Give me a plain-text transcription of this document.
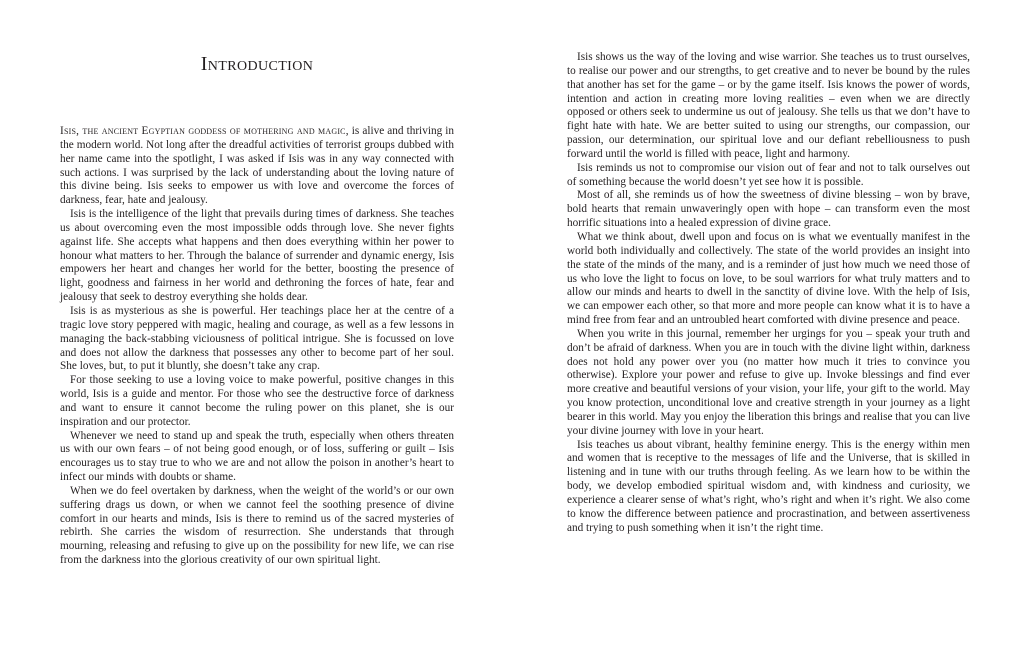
Introduction

Isis, the ancient Egyptian goddess of mothering and magic, is alive and thriving in the modern world. Not long after the dreadful activities of terrorist groups dubbed with her name came into the spotlight, I was asked if Isis was in any way connected with such actions. I was surprised by the lack of understanding about the loving nature of this divine being. Isis seeks to empower us with love and overcome the forces of darkness, fear, hate and jealousy.

Isis is the intelligence of the light that prevails during times of darkness. She teaches us about overcoming even the most impossible odds through love. She never fights against life. She accepts what happens and then does everything within her power to honour what matters to her. Through the balance of surrender and dynamic energy, Isis empowers her heart and changes her world for the better, boosting the presence of light, goodness and fairness in her world and dethroning the forces of hate, fear and jealousy that seek to destroy everything she holds dear.

Isis is as mysterious as she is powerful. Her teachings place her at the centre of a tragic love story peppered with magic, healing and courage, as well as a few lessons in managing the back-stabbing viciousness of political intrigue. She is focussed on love and does not allow the darkness that possesses any other to become part of her soul. She loves, but, to put it bluntly, she doesn’t take any crap.

For those seeking to use a loving voice to make powerful, positive changes in this world, Isis is a guide and mentor. For those who see the destructive force of darkness and want to ensure it cannot become the ruling power on this planet, she is our inspiration and our protector.

Whenever we need to stand up and speak the truth, especially when others threaten us with our own fears – of not being good enough, or of loss, suffering or guilt – Isis encourages us to stay true to who we are and not allow the poison in another’s heart to infect our minds with doubts or shame.

When we do feel overtaken by darkness, when the weight of the world’s or our own suffering drags us down, or when we cannot feel the soothing presence of divine comfort in our hearts and minds, Isis is there to remind us of the sacred mysteries of rebirth. She carries the wisdom of resurrection. She understands that through mourning, releasing and refusing to give up on the possibility for new life, we can rise from the darkness into the glorious creativity of our own spiritual light.

Isis shows us the way of the loving and wise warrior. She teaches us to trust ourselves, to realise our power and our strengths, to get creative and to never be bound by the rules that another has set for the game – or by the game itself. Isis knows the power of words, intention and action in creating more loving realities – even when we are directly opposed or others seek to undermine us out of jealousy. She tells us that we don’t have to fight hate with hate. We are better suited to using our strengths, our compassion, our passion, our determination, our spiritual love and our defiant rebelliousness to push forward until the world is filled with peace, light and harmony.

Isis reminds us not to compromise our vision out of fear and not to talk ourselves out of something because the world doesn’t yet see how it is possible.

Most of all, she reminds us of how the sweetness of divine blessing – won by brave, bold hearts that remain unwaveringly open with hope – can transform even the most horrific situations into a healed expression of divine grace.

What we think about, dwell upon and focus on is what we eventually manifest in the world both individually and collectively. The state of the world provides an insight into the state of the minds of the many, and is a reminder of just how much we need those of us who love the light to focus on love, to be soul warriors for what truly matters and to allow our minds and hearts to dwell in the sanctity of divine love. With the help of Isis, we can empower each other, so that more and more people can know what it is to have a mind free from fear and an untroubled heart comforted with divine presence and peace.

When you write in this journal, remember her urgings for you – speak your truth and don’t be afraid of darkness. When you are in touch with the divine light within, darkness does not hold any power over you (no matter how much it tries to convince you otherwise). Explore your power and refuse to give up. Invoke blessings and find ever more creative and beautiful versions of your vision, your life, your gift to the world. May you know protection, unconditional love and creative strength in your journey as a light bearer in this world. May you enjoy the liberation this brings and realise that you can live your divine journey with love in your heart.

Isis teaches us about vibrant, healthy feminine energy. This is the energy within men and women that is receptive to the messages of life and the Universe, that is skilled in listening and in tune with our truths through feeling. As we learn how to be within the body, we develop embodied spiritual wisdom and, with kindness and curiosity, we experience a clearer sense of what’s right, who’s right and when it’s right. We also come to know the difference between patience and procrastination, and between assertiveness and trying to push something when it isn’t the right time.
